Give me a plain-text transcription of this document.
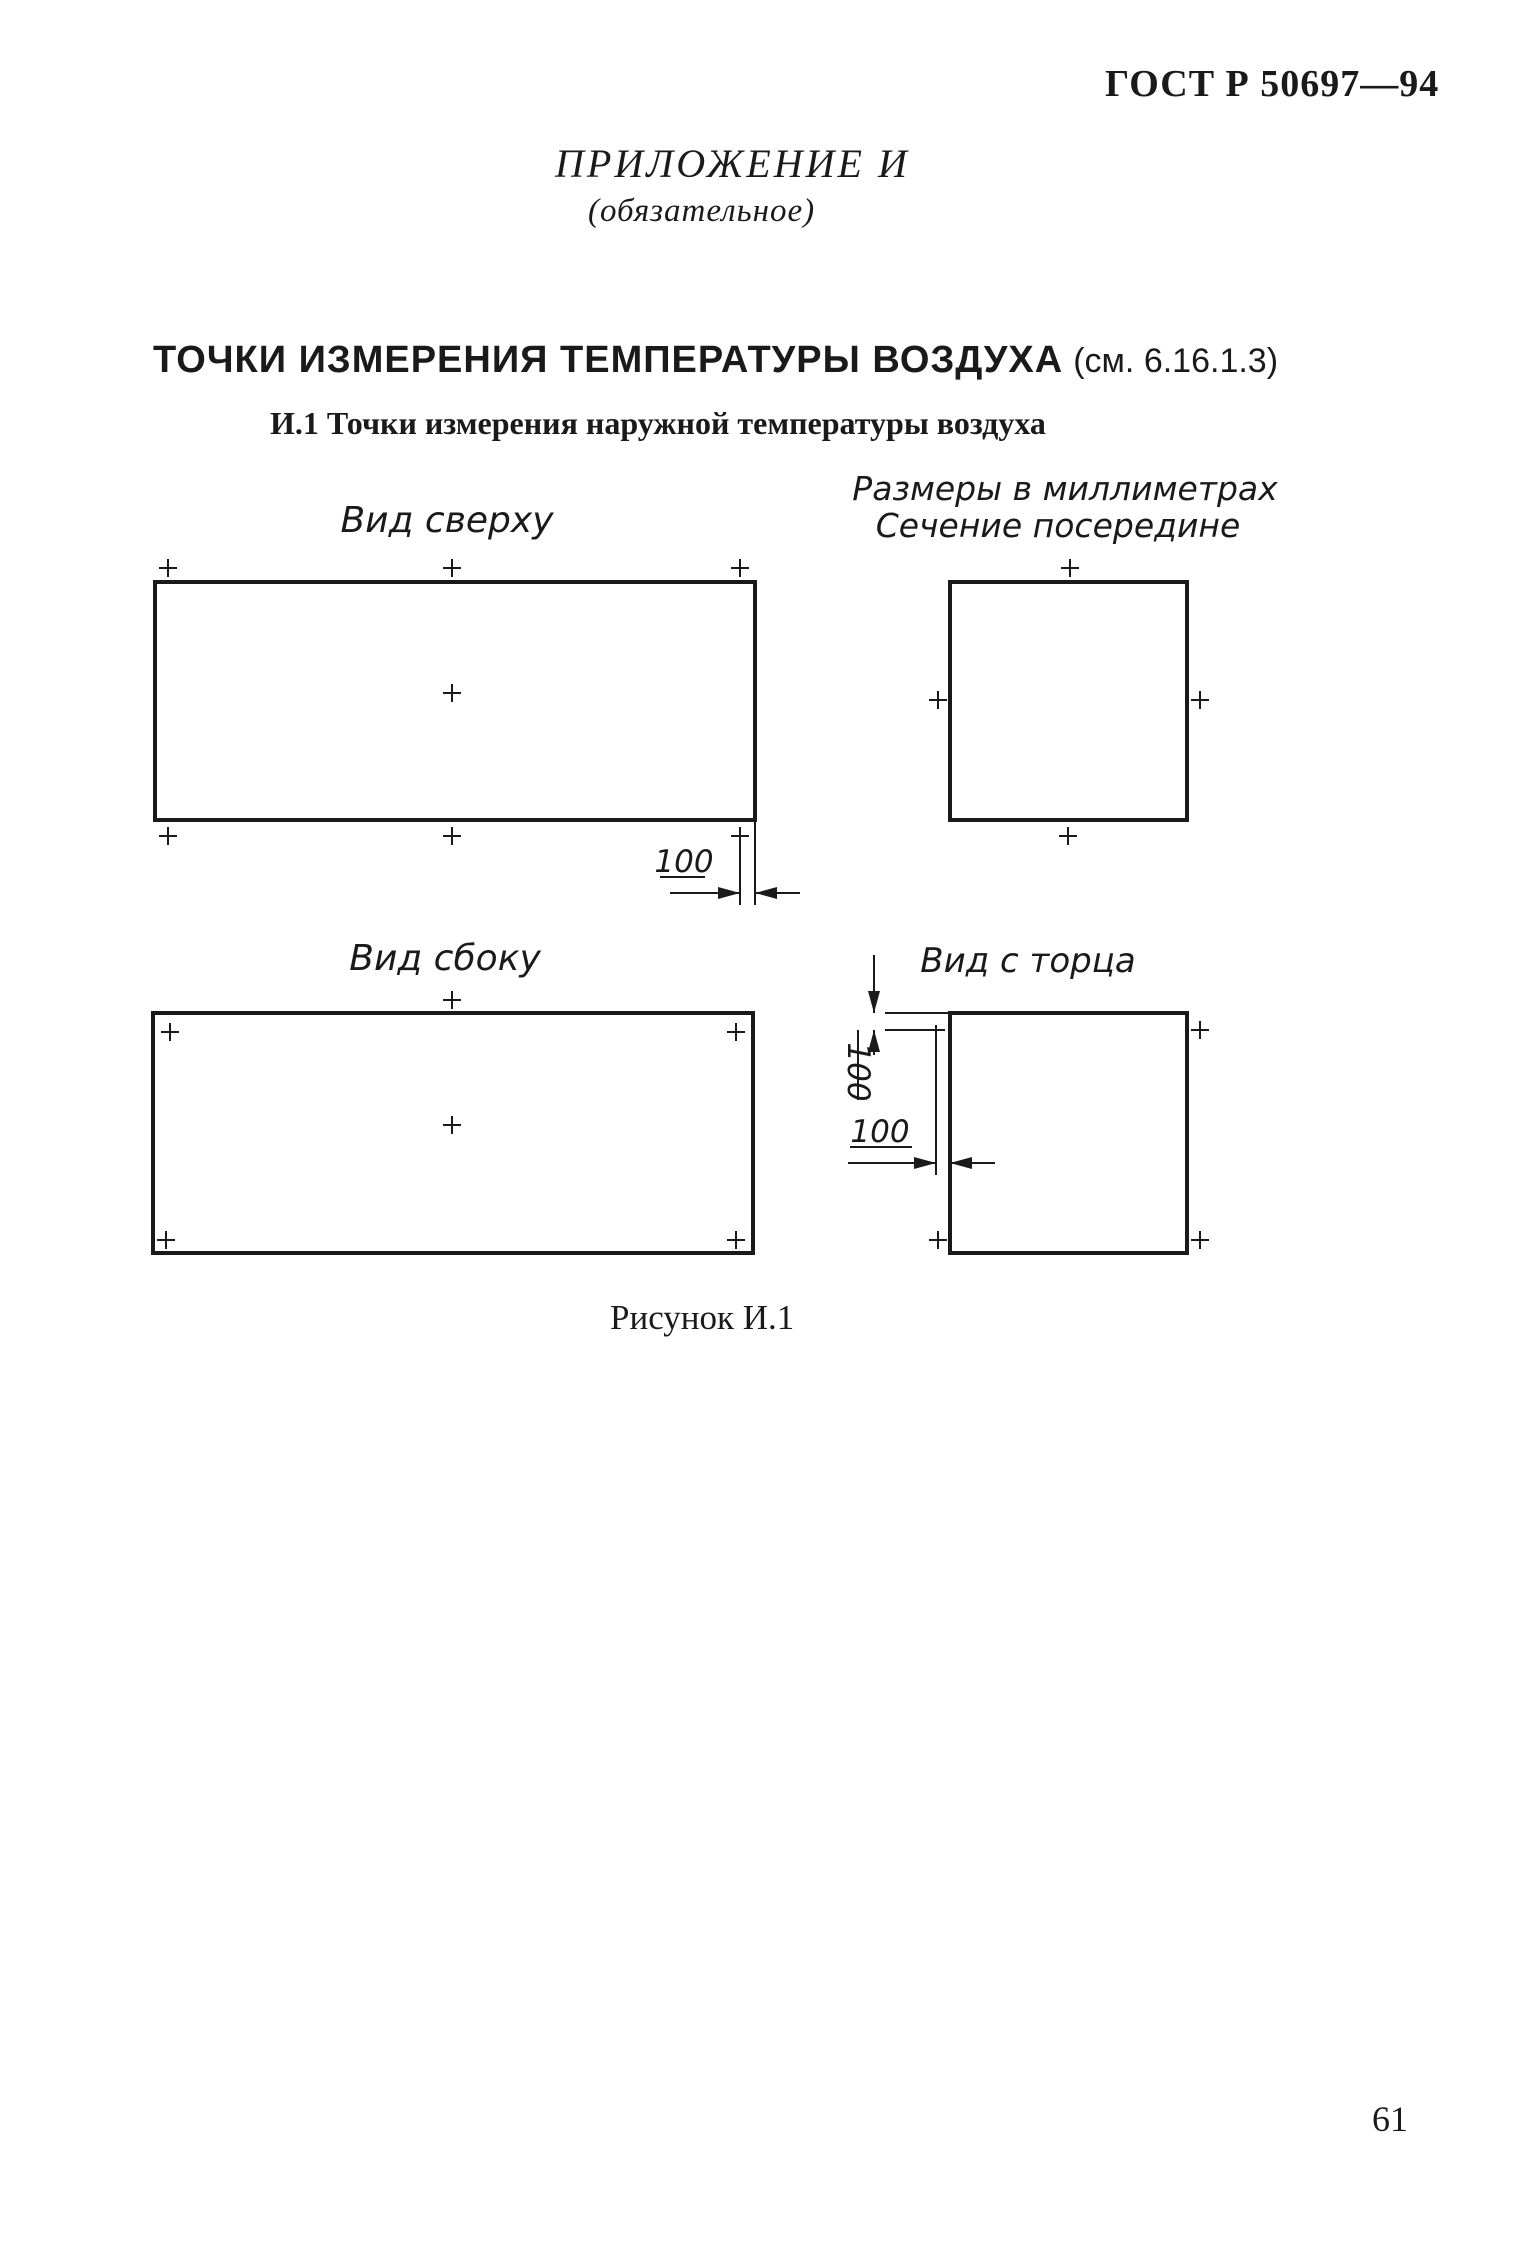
ГОСТ Р 50697—94
ПРИЛОЖЕНИЕ И
(обязательное)
ТОЧКИ ИЗМЕРЕНИЯ ТЕМПЕРАТУРЫ ВОЗДУХА (см. 6.16.1.3)
И.1 Точки измерения наружной температуры воздуха
Размеры в миллиметрах
Сечение посередине
Вид сверху
100
Вид сбоку	Вид с торца
100
100
Рисунок И.1
61
